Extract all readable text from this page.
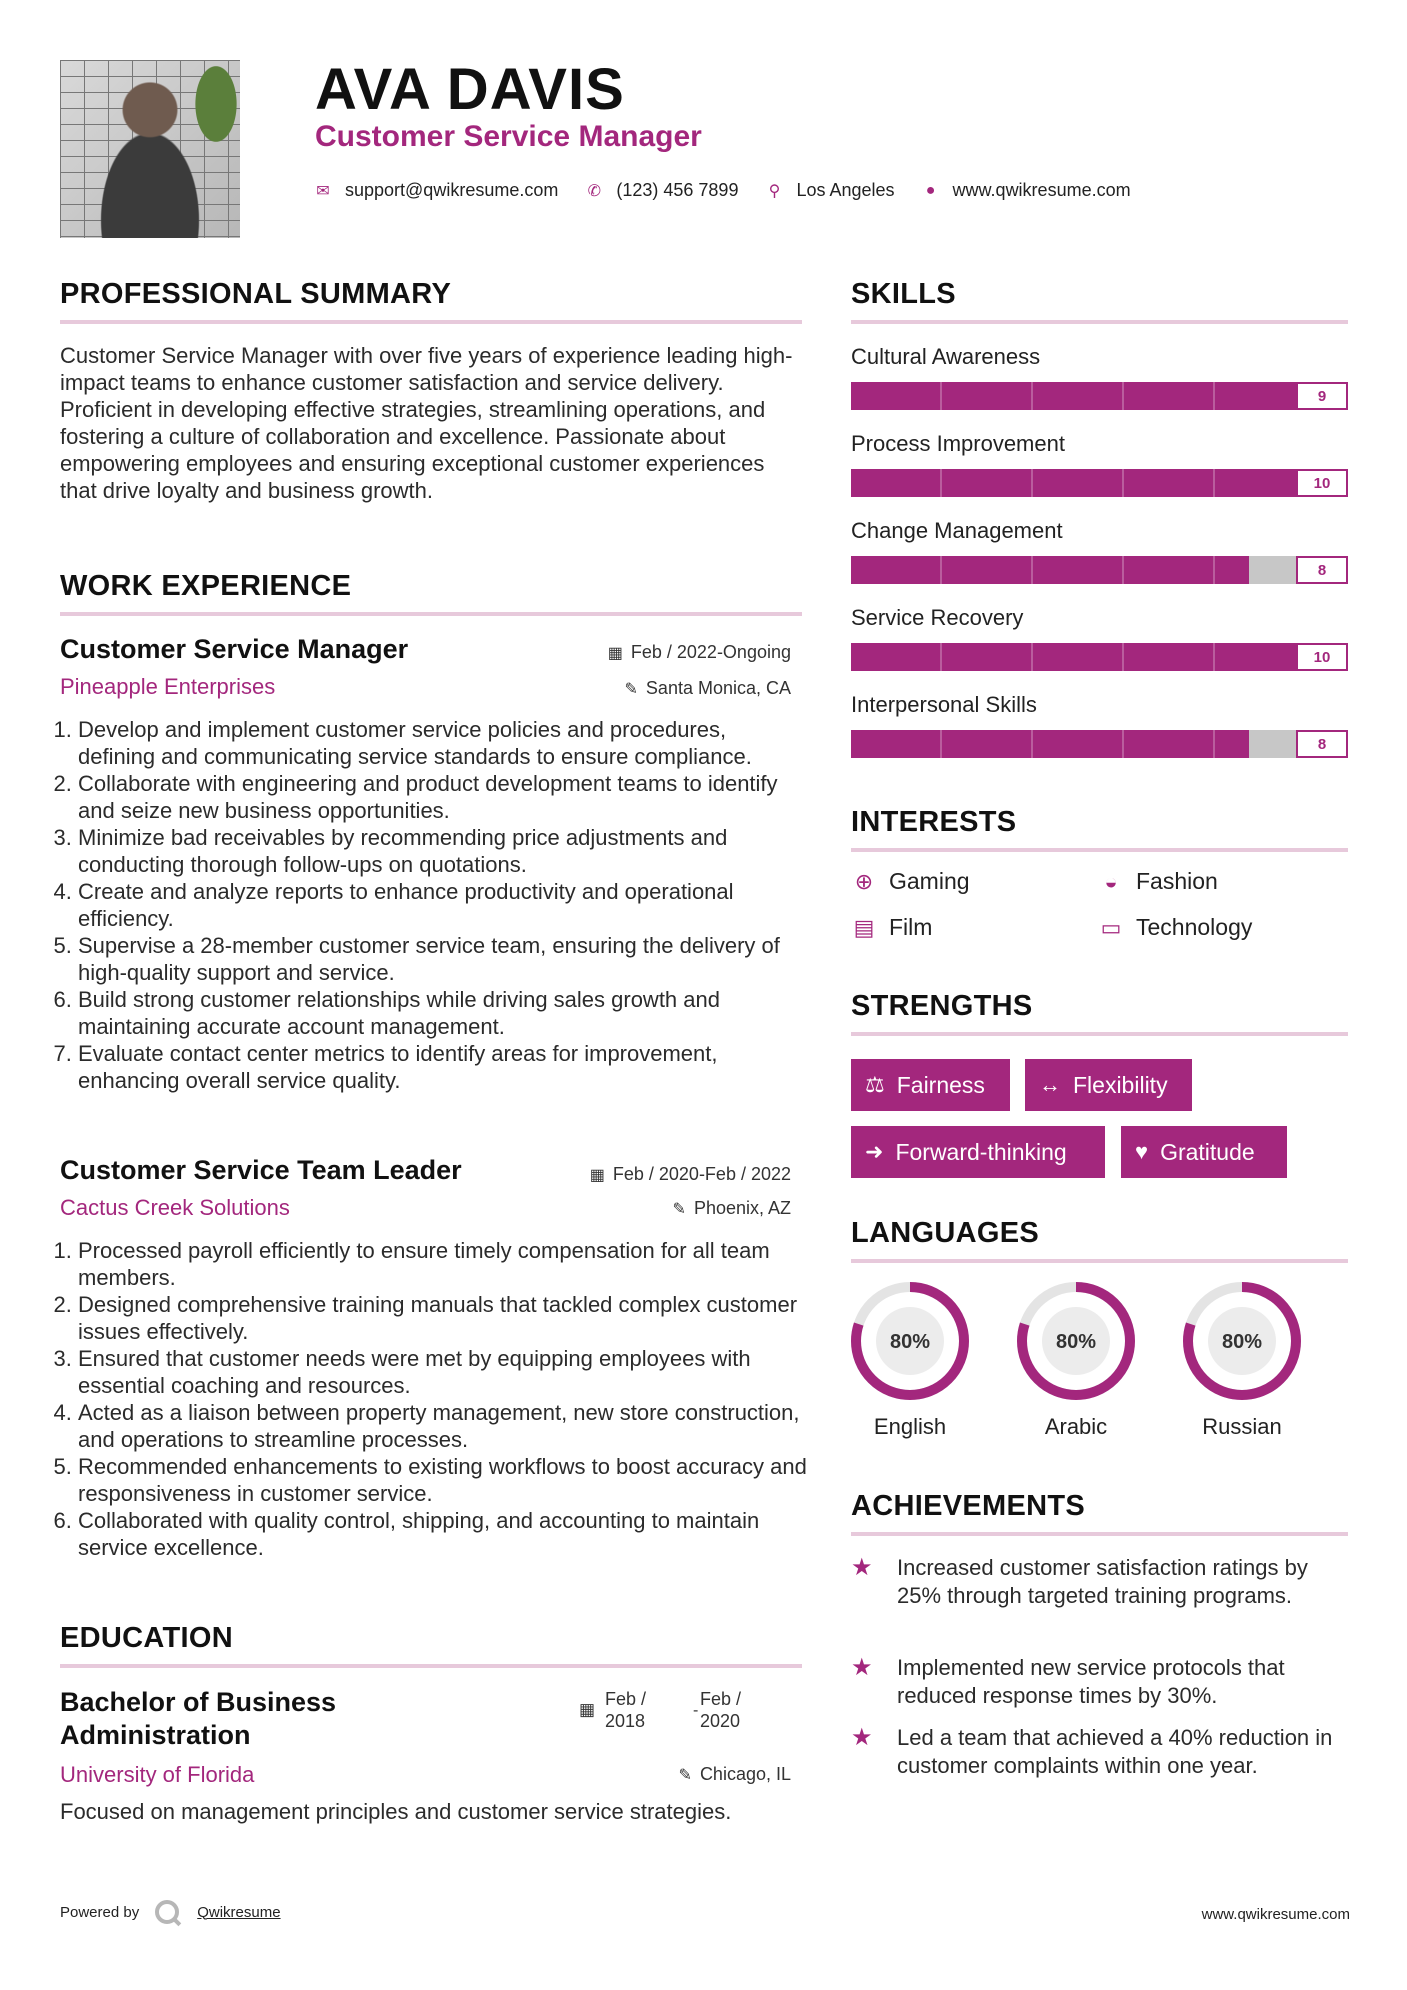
AVA DAVIS
Customer Service Manager
✉ support@qwikresume.com ✆ (123) 456 7899 ⚲ Los Angeles ● www.qwikresume.com
PROFESSIONAL SUMMARY

Customer Service Manager with over five years of experience leading high-impact teams to enhance customer satisfaction and service delivery. Proficient in developing effective strategies, streamlining operations, and fostering a culture of collaboration and excellence. Passionate about empowering employees and ensuring exceptional customer experiences that drive loyalty and business growth.

WORK EXPERIENCE
Customer Service Manager	▦ Feb / 2022-Ongoing

Pineapple Enterprises	✎ Santa Monica, CA
1. Develop and implement customer service policies and procedures, defining and communicating service standards to ensure compliance.
2. Collaborate with engineering and product development teams to identify and seize new business opportunities.
3. Minimize bad receivables by recommending price adjustments and conducting thorough follow-ups on quotations.
4. Create and analyze reports to enhance productivity and operational efficiency.
5. Supervise a 28-member customer service team, ensuring the delivery of high-quality support and service.
6. Build strong customer relationships while driving sales growth and maintaining accurate account management.
7. Evaluate contact center metrics to identify areas for improvement, enhancing overall service quality.
Customer Service Team Leader	▦ Feb / 2020-Feb / 2022

Cactus Creek Solutions	✎ Phoenix, AZ
1. Processed payroll efficiently to ensure timely compensation for all team members.
2. Designed comprehensive training manuals that tackled complex customer issues effectively.
3. Ensured that customer needs were met by equipping employees with essential coaching and resources.
4. Acted as a liaison between property management, new store construction, and operations to streamline processes.
5. Recommended enhancements to existing workflows to boost accuracy and responsiveness in customer service.
6. Collaborated with quality control, shipping, and accounting to maintain service excellence.
EDUCATION
Bachelor of Business Administration
▦
Feb / 2018
-
Feb / 2020

University of Florida	✎ Chicago, IL

Focused on management principles and customer service strategies.

SKILLS

Cultural Awareness

9

Process Improvement

10

Change Management

8

Service Recovery

10

Interpersonal Skills

8
INTERESTS
⊕ Gaming	◒ Fashion
▤ Film	▭ Technology
STRENGTHS
⚖ Fairness ↔ Flexibility
➜ Forward-thinking	♥ Gratitude
LANGUAGES
80%
English
80%
Arabic
80%
Russian
ACHIEVEMENTS
★	Increased customer satisfaction ratings by 25% through targeted training programs.

★	Implemented new service protocols that reduced response times by 30%.

★	Led a team that achieved a 40% reduction in customer complaints within one year.

Powered by	Qwikresume	www.qwikresume.com
